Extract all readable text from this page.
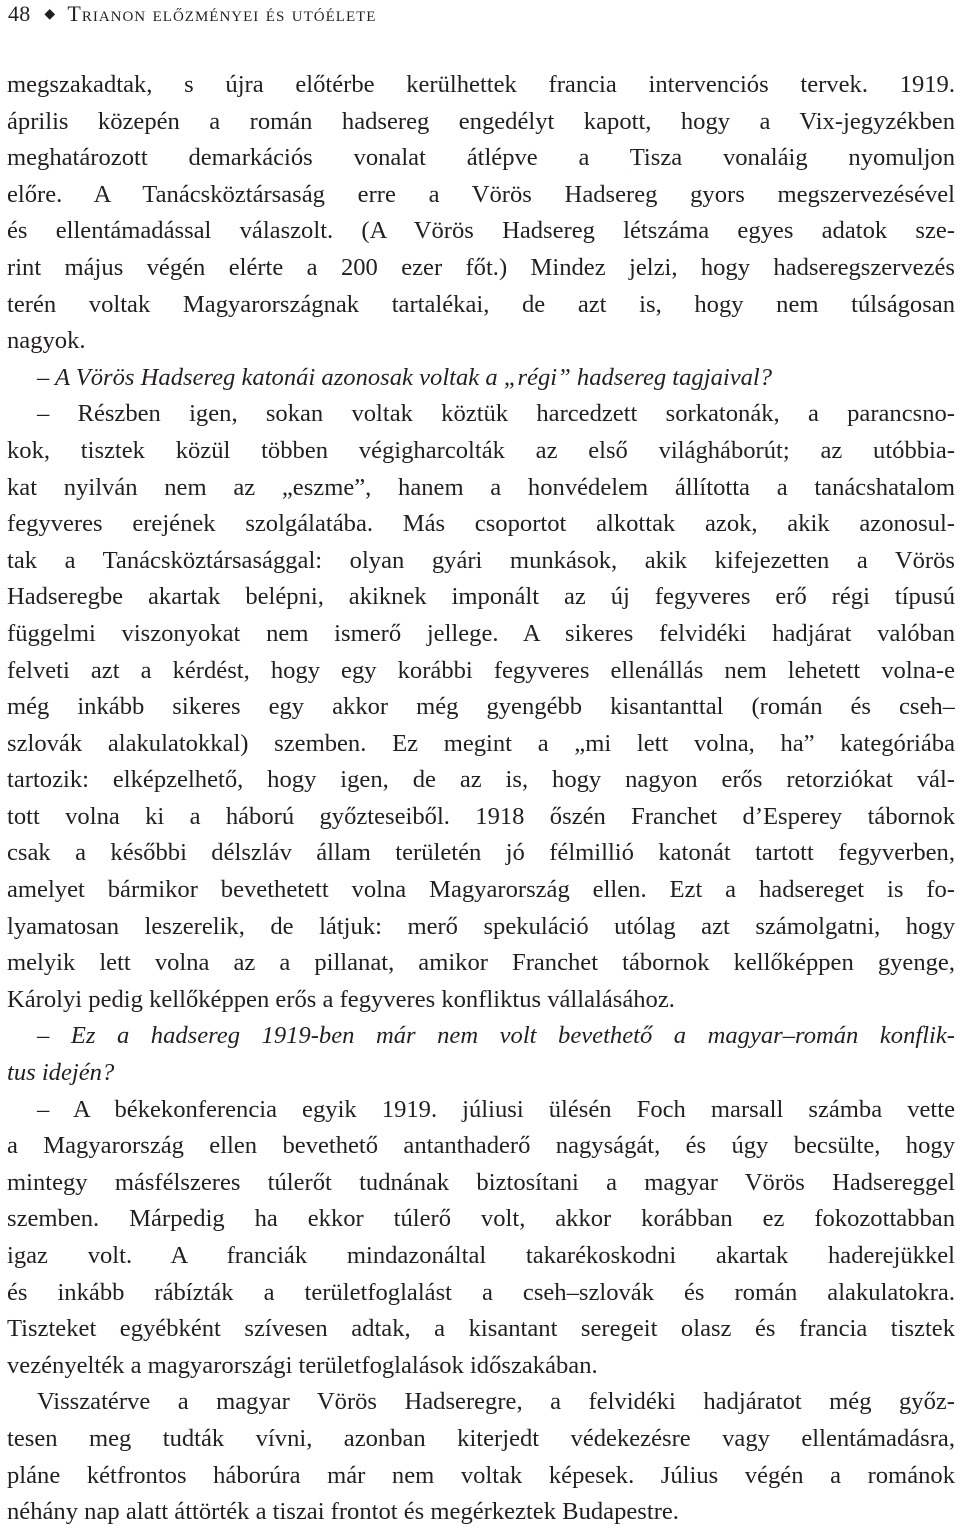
48 ◆ Trianon előzményei és utóélete
megszakadtak, s újra előtérbe kerülhettek francia intervenciós tervek. 1919.
április közepén a román hadsereg engedélyt kapott, hogy a Vix-jegyzékben
meghatározott demarkációs vonalat átlépve a Tisza vonaláig nyomuljon
előre. A Tanácsköztársaság erre a Vörös Hadsereg gyors megszervezésével
és ellentámadással válaszolt. (A Vörös Hadsereg létszáma egyes adatok sze-
rint május végén elérte a 200 ezer főt.) Mindez jelzi, hogy hadseregszervezés
terén voltak Magyarországnak tartalékai, de azt is, hogy nem túlságosan
nagyok.
– A Vörös Hadsereg katonái azonosak voltak a „régi” hadsereg tagjaival?
– Részben igen, sokan voltak köztük harcedzett sorkatonák, a parancsno-
kok, tisztek közül többen végigharcolták az első világháborút; az utóbbia-
kat nyilván nem az „eszme”, hanem a honvédelem állította a tanácshatalom
fegyveres erejének szolgálatába. Más csoportot alkottak azok, akik azonosul-
tak a Tanácsköztársasággal: olyan gyári munkások, akik kifejezetten a Vörös
Hadseregbe akartak belépni, akiknek imponált az új fegyveres erő régi típusú
függelmi viszonyokat nem ismerő jellege. A sikeres felvidéki hadjárat valóban
felveti azt a kérdést, hogy egy korábbi fegyveres ellenállás nem lehetett volna-e
még inkább sikeres egy akkor még gyengébb kisantanttal (román és cseh–
szlovák alakulatokkal) szemben. Ez megint a „mi lett volna, ha” kategóriába
tartozik: elképzelhető, hogy igen, de az is, hogy nagyon erős retorziókat vál-
tott volna ki a háború győzteseiből. 1918 őszén Franchet d’Esperey tábornok
csak a későbbi délszláv állam területén jó félmillió katonát tartott fegyverben,
amelyet bármikor bevethetett volna Magyarország ellen. Ezt a hadsereget is fo-
lyamatosan leszerelik, de látjuk: merő spekuláció utólag azt számolgatni, hogy
melyik lett volna az a pillanat, amikor Franchet tábornok kellőképpen gyenge,
Károlyi pedig kellőképpen erős a fegyveres konfliktus vállalásához.
– Ez a hadsereg 1919-ben már nem volt bevethető a magyar–román konflik-
tus idején?
– A békekonferencia egyik 1919. júliusi ülésén Foch marsall számba vette
a Magyarország ellen bevethető antanthaderő nagyságát, és úgy becsülte, hogy
mintegy másfélszeres túlerőt tudnának biztosítani a magyar Vörös Hadsereggel
szemben. Márpedig ha ekkor túlerő volt, akkor korábban ez fokozottabban
igaz volt. A franciák mindazonáltal takarékoskodni akartak haderejükkel
és inkább rábízták a területfoglalást a cseh–szlovák és román alakulatokra.
Tiszteket egyébként szívesen adtak, a kisantant seregeit olasz és francia tisztek
vezényelték a magyarországi területfoglalások időszakában.
Visszatérve a magyar Vörös Hadseregre, a felvidéki hadjáratot még győz-
tesen meg tudták vívni, azonban kiterjedt védekezésre vagy ellentámadásra,
pláne kétfrontos háborúra már nem voltak képesek. Július végén a románok
néhány nap alatt áttörték a tiszai frontot és megérkeztek Budapestre.
